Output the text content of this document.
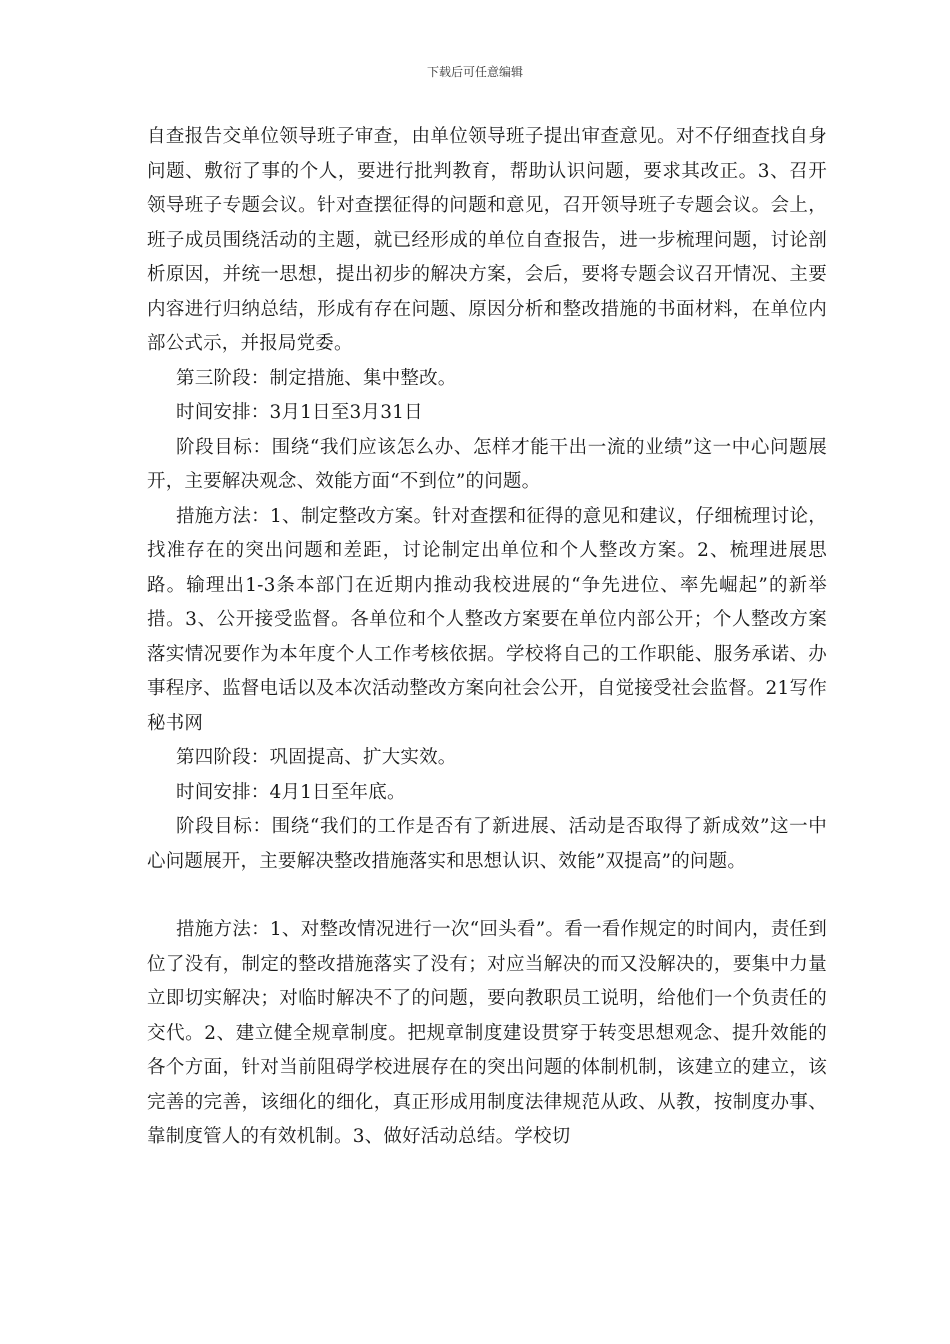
下载后可任意编辑

自查报告交单位领导班子审查，由单位领导班子提出审查意见。对不仔细查找自身问题、敷衍了事的个人，要进行批判教育，帮助认识问题，要求其改正。3、召开领导班子专题会议。针对查摆征得的问题和意见，召开领导班子专题会议。会上，班子成员围绕活动的主题，就已经形成的单位自查报告，进一步梳理问题，讨论剖析原因，并统一思想，提出初步的解决方案，会后，要将专题会议召开情况、主要内容进行归纳总结，形成有存在问题、原因分析和整改措施的书面材料，在单位内部公式示，并报局党委。

第三阶段：制定措施、集中整改。

时间安排：3月1日至3月31日

阶段目标：围绕“我们应该怎么办、怎样才能干出一流的业绩”这一中心问题展开，主要解决观念、效能方面“不到位”的问题。

措施方法：1、制定整改方案。针对查摆和征得的意见和建议，仔细梳理讨论，找准存在的突出问题和差距，讨论制定出单位和个人整改方案。2、梳理进展思路。输理出1-3条本部门在近期内推动我校进展的“争先进位、率先崛起”的新举措。3、公开接受监督。各单位和个人整改方案要在单位内部公开；个人整改方案落实情况要作为本年度个人工作考核依据。学校将自己的工作职能、服务承诺、办事程序、监督电话以及本次活动整改方案向社会公开，自觉接受社会监督。21写作秘书网

第四阶段：巩固提高、扩大实效。

时间安排：4月1日至年底。

阶段目标：围绕“我们的工作是否有了新进展、活动是否取得了新成效”这一中心问题展开，主要解决整改措施落实和思想认识、效能”双提高”的问题。

措施方法：1、对整改情况进行一次“回头看”。看一看作规定的时间内，责任到位了没有，制定的整改措施落实了没有；对应当解决的而又没解决的，要集中力量立即切实解决；对临时解决不了的问题，要向教职员工说明，给他们一个负责任的交代。2、建立健全规章制度。把规章制度建设贯穿于转变思想观念、提升效能的各个方面，针对当前阻碍学校进展存在的突出问题的体制机制，该建立的建立，该完善的完善，该细化的细化，真正形成用制度法律规范从政、从教，按制度办事、靠制度管人的有效机制。3、做好活动总结。学校切
